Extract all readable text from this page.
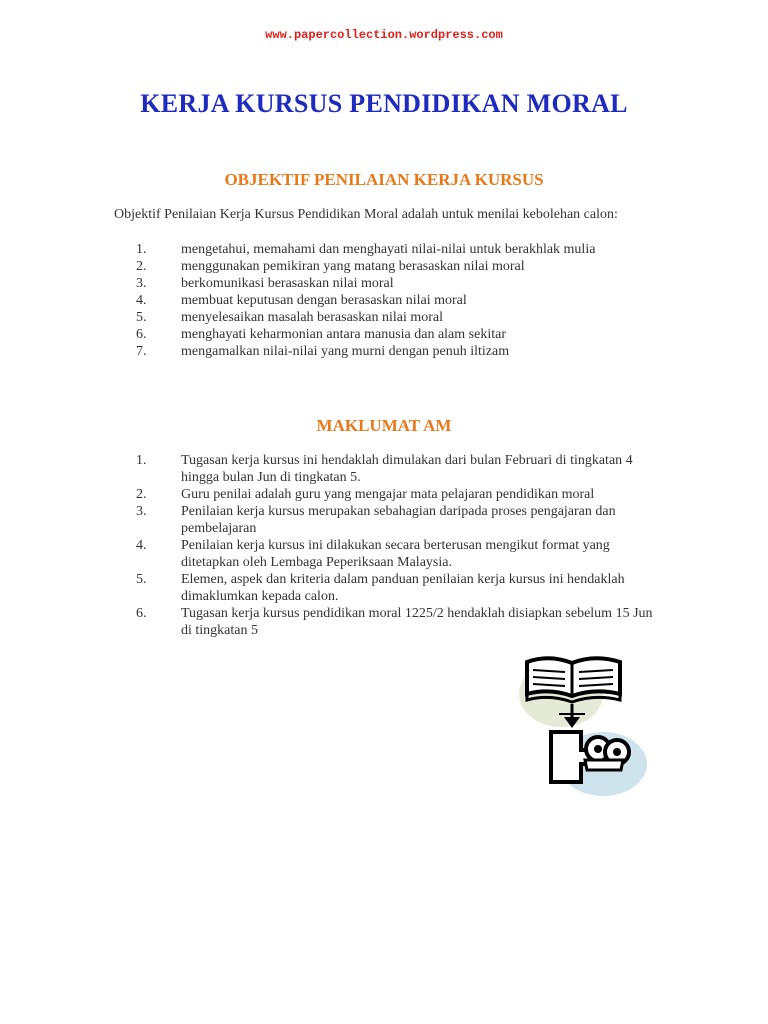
www.papercollection.wordpress.com
KERJA KURSUS PENDIDIKAN MORAL
OBJEKTIF PENILAIAN KERJA KURSUS
Objektif Penilaian Kerja Kursus Pendidikan Moral adalah untuk menilai kebolehan calon:
1. mengetahui, memahami dan menghayati nilai-nilai untuk berakhlak mulia
2. menggunakan pemikiran yang matang berasaskan nilai moral
3. berkomunikasi berasaskan nilai moral
4. membuat keputusan dengan berasaskan nilai moral
5. menyelesaikan masalah berasaskan nilai moral
6. menghayati keharmonian antara manusia dan alam sekitar
7. mengamalkan nilai-nilai yang murni dengan penuh iltizam
MAKLUMAT AM
1. Tugasan kerja kursus ini hendaklah dimulakan dari bulan Februari di tingkatan 4 hingga bulan Jun di tingkatan 5.
2. Guru penilai adalah guru yang mengajar mata pelajaran pendidikan moral
3. Penilaian kerja kursus merupakan sebahagian daripada proses pengajaran dan pembelajaran
4. Penilaian kerja kursus ini dilakukan secara berterusan mengikut format yang ditetapkan oleh Lembaga Peperiksaan Malaysia.
5. Elemen, aspek dan kriteria dalam panduan penilaian kerja kursus ini hendaklah dimaklumkan kepada calon.
6. Tugasan kerja kursus pendidikan moral 1225/2 hendaklah disiapkan sebelum 15 Jun di tingkatan 5
